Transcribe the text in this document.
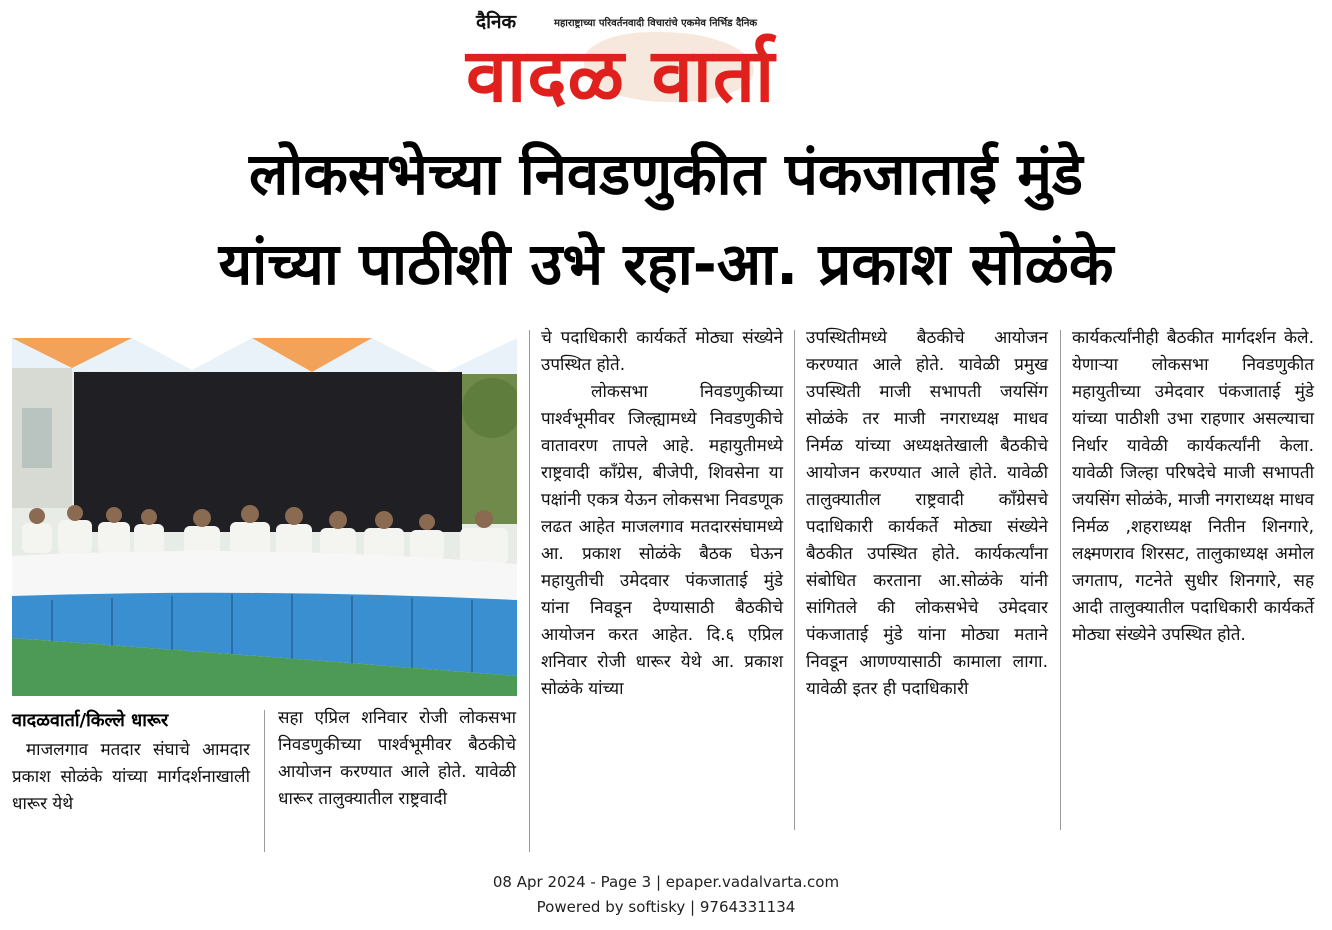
दैनिक	महाराष्ट्राच्या परिवर्तनवादी विचारांचे एकमेव निर्भिड दैनिक
वादळ वार्ता
लोकसभेच्या निवडणुकीत पंकजाताई मुंडे
यांच्या पाठीशी उभे रहा-आ. प्रकाश सोळंके
वादळवार्ता/किल्ले धारूर

माजलगाव मतदार संघाचे आमदार प्रकाश सोळंके यांच्या मार्गदर्शनाखाली धारूर येथे

सहा एप्रिल शनिवार रोजी लोकसभा निवडणुकीच्या पार्श्वभूमीवर बैठकीचे आयोजन करण्यात आले होते. यावेळी धारूर तालुक्यातील राष्ट्रवादी

चे पदाधिकारी कार्यकर्ते मोठ्या संख्येने उपस्थित होते.

लोकसभा निवडणुकीच्या पार्श्वभूमीवर जिल्ह्यामध्ये निवडणुकीचे वातावरण तापले आहे. महायुतीमध्ये राष्ट्रवादी काँग्रेस, बीजेपी, शिवसेना या पक्षांनी एकत्र येऊन लोकसभा निवडणूक लढत आहेत माजलगाव मतदारसंघामध्ये आ. प्रकाश सोळंके बैठक घेऊन महायुतीची उमेदवार पंकजाताई मुंडे यांना निवडून देण्यासाठी बैठकीचे आयोजन करत आहेत. दि.६ एप्रिल शनिवार रोजी धारूर येथे आ. प्रकाश सोळंके यांच्या

उपस्थितीमध्ये बैठकीचे आयोजन करण्यात आले होते. यावेळी प्रमुख उपस्थिती माजी सभापती जयसिंग सोळंके तर माजी नगराध्यक्ष माधव निर्मळ यांच्या अध्यक्षतेखाली बैठकीचे आयोजन करण्यात आले होते. यावेळी तालुक्यातील राष्ट्रवादी काँग्रेसचे पदाधिकारी कार्यकर्ते मोठ्या संख्येने बैठकीत उपस्थित होते. कार्यकर्त्यांना संबोधित करताना आ.सोळंके यांनी सांगितले की लोकसभेचे उमेदवार पंकजाताई मुंडे यांना मोठ्या मताने निवडून आणण्यासाठी कामाला लागा. यावेळी इतर ही पदाधिकारी

कार्यकर्त्यांनीही बैठकीत मार्गदर्शन केले. येणाऱ्या लोकसभा निवडणुकीत महायुतीच्या उमेदवार पंकजाताई मुंडे यांच्या पाठीशी उभा राहणार असल्याचा निर्धार यावेळी कार्यकर्त्यांनी केला. यावेळी जिल्हा परिषदेचे माजी सभापती जयसिंग सोळंके, माजी नगराध्यक्ष माधव निर्मळ ,शहराध्यक्ष नितीन शिनगारे, लक्ष्मणराव शिरसट, तालुकाध्यक्ष अमोल जगताप, गटनेते सुधीर शिनगारे, सह आदी तालुक्यातील पदाधिकारी कार्यकर्ते मोठ्या संख्येने उपस्थित होते.

08 Apr 2024 - Page 3 | epaper.vadalvarta.com
Powered by softisky | 9764331134
